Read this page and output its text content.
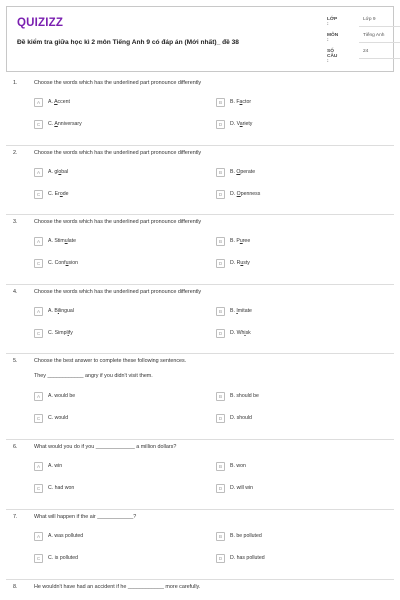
QUIZIZZ
Đề kiểm tra giữa học kì 2 môn Tiếng Anh 9 có đáp án (Mới nhất)_ đề 38
LỚP :
Lớp 9
MÔN :
Tiếng Anh
SỐ CÂU :
24
1.	Choose the words which has the underlined part pronounce differently
A	A. Accent	B	B. Factor
C	C. Anniversary	D	D. Variety
2.	Choose the words which has the underlined part pronounce differently
A	A. global	B	B. Operate
C	C. Erode	D	D. Openness
3.	Choose the words which has the underlined part pronounce differently
A	A. Stimulate	B	B. Puree
C	C. Confusion	D	D. Rusty
4.	Choose the words which has the underlined part pronounce differently
A	A. Bilingual	B	B. Imitate
C	C. Simplify	D	D. Whisk
5.	Choose the best answer to complete these following sentences.
They ____________ angry if you didn't visit them.
A	A. would be	B	B. should be
C	C. would	D	D. should
6.	What would you do if you _____________ a million dollars?
A	A. win	B	B. won
C	C. had won	D	D. will win
7.	What will happen if the air ____________?
A	A. was polluted	B	B. be polluted
C	C. is polluted	D	D. has polluted
8.	He wouldn't have had an accident if he ____________ more carefully.
